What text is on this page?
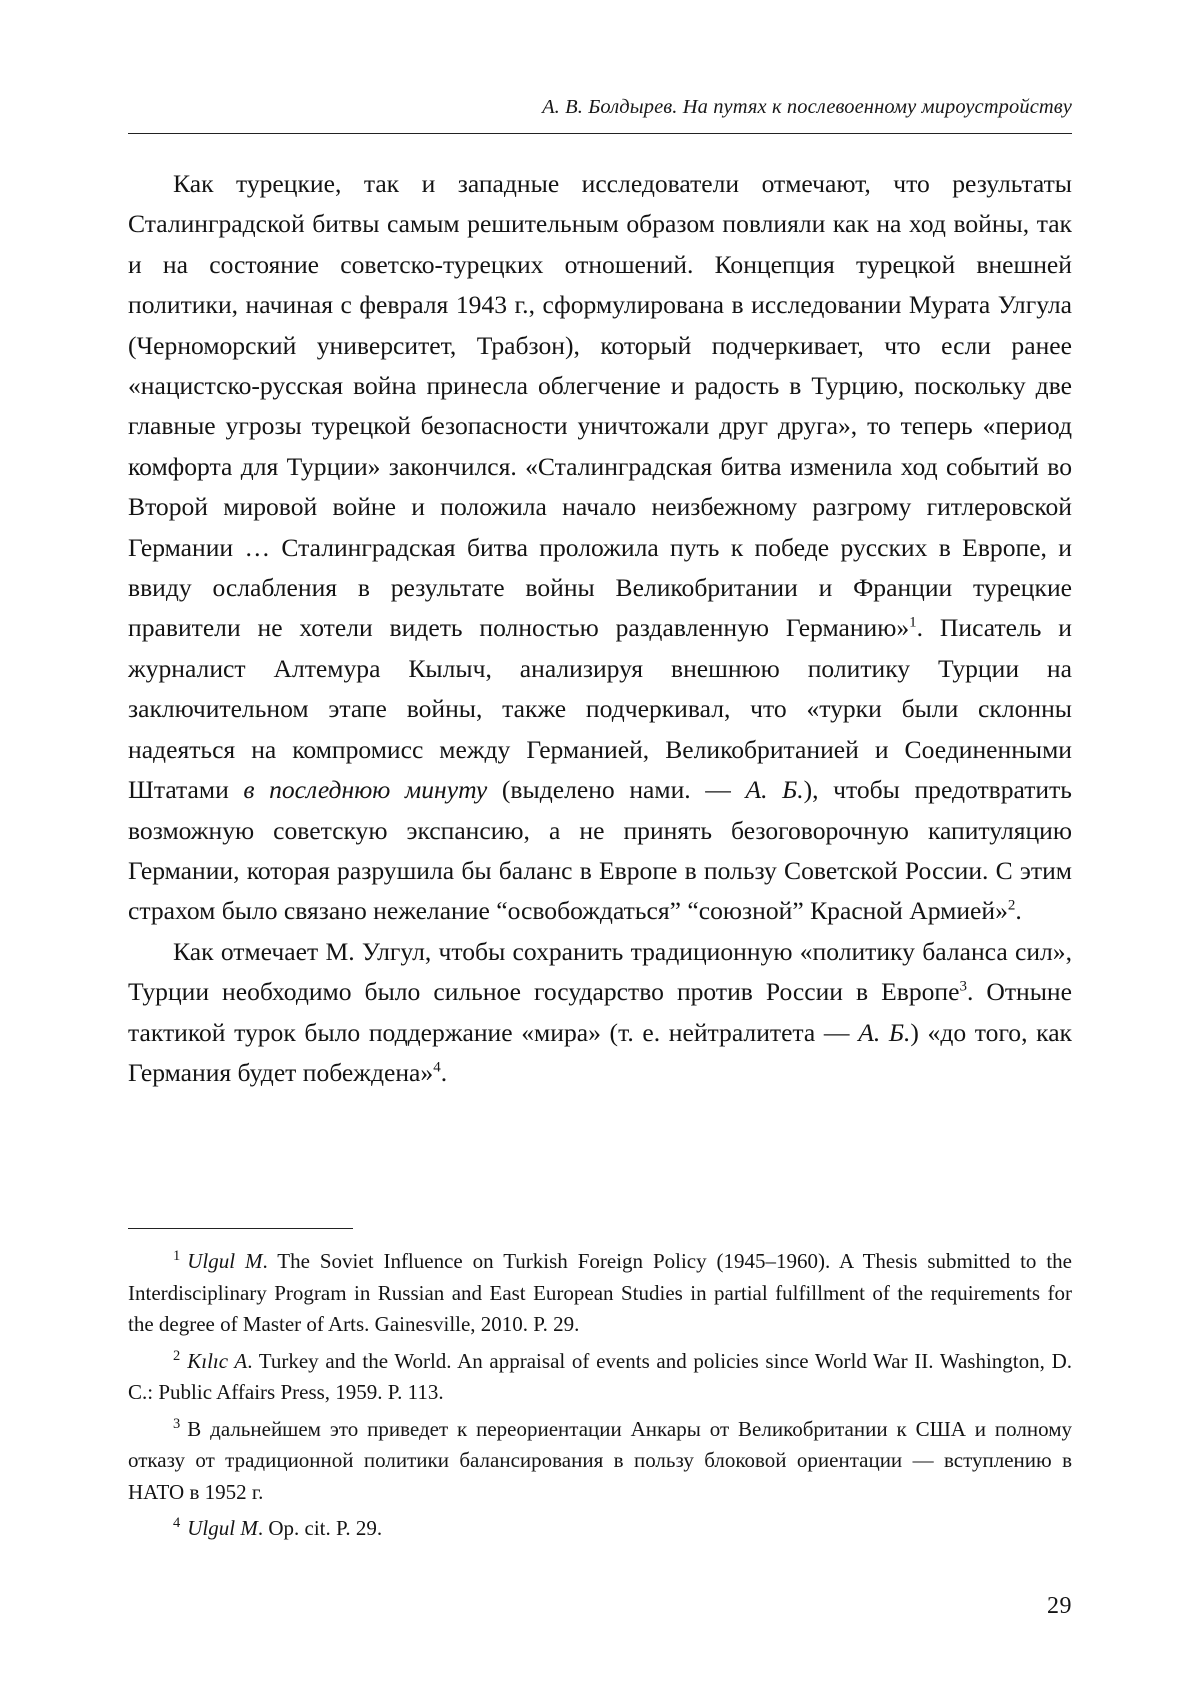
А. В. Болдырев. На путях к послевоенному мироустройству

Как турецкие, так и западные исследователи отмечают, что результаты Сталинградской битвы самым решительным образом повлияли как на ход войны, так и на состояние советско-турецких отношений. Концепция турецкой внешней политики, начиная с февраля 1943 г., сформулирована в исследовании Мурата Улгула (Черноморский университет, Трабзон), который подчеркивает, что если ранее «нацистско-русская война принесла облегчение и радость в Турцию, поскольку две главные угрозы турецкой безопасности уничтожали друг друга», то теперь «период комфорта для Турции» закончился. «Сталинградская битва изменила ход событий во Второй мировой войне и положила начало неизбежному разгрому гитлеровской Германии … Сталинградская битва проложила путь к победе русских в Европе, и ввиду ослабления в результате войны Великобритании и Франции турецкие правители не хотели видеть полностью раздавленную Германию»$^1$. Писатель и журналист Алтемура Кылыч, анализируя внешнюю политику Турции на заключительном этапе войны, также подчеркивал, что «турки были склонны надеяться на компромисс между Германией, Великобританией и Соединенными Штатами в последнюю минуту (выделено нами. — А. Б.), чтобы предотвратить возможную советскую экспансию, а не принять безоговорочную капитуляцию Германии, которая разрушила бы баланс в Европе в пользу Советской России. С этим страхом было связано нежелание “освобождаться” “союзной” Красной Армией»$^2$.

Как отмечает М. Улгул, чтобы сохранить традиционную «политику баланса сил», Турции необходимо было сильное государство против России в Европе$^3$. Отныне тактикой турок было поддержание «мира» (т. е. нейтралитета — А. Б.) «до того, как Германия будет побеждена»$^4$.

$^1$ Ulgul M. The Soviet Influence on Turkish Foreign Policy (1945–1960). A Thesis submitted to the Interdisciplinary Program in Russian and East European Studies in partial fulfillment of the requirements for the degree of Master of Arts. Gainesville, 2010. P. 29.

$^2$ Kılıc A. Turkey and the World. An appraisal of events and policies since World War II. Washington, D. C.: Public Affairs Press, 1959. P. 113.

$^3$ В дальнейшем это приведет к переориентации Анкары от Великобритании к США и полному отказу от традиционной политики балансирования в пользу блоковой ориентации — вступлению в НАТО в 1952 г.

$^4$ Ulgul M. Op. cit. P. 29.

29
